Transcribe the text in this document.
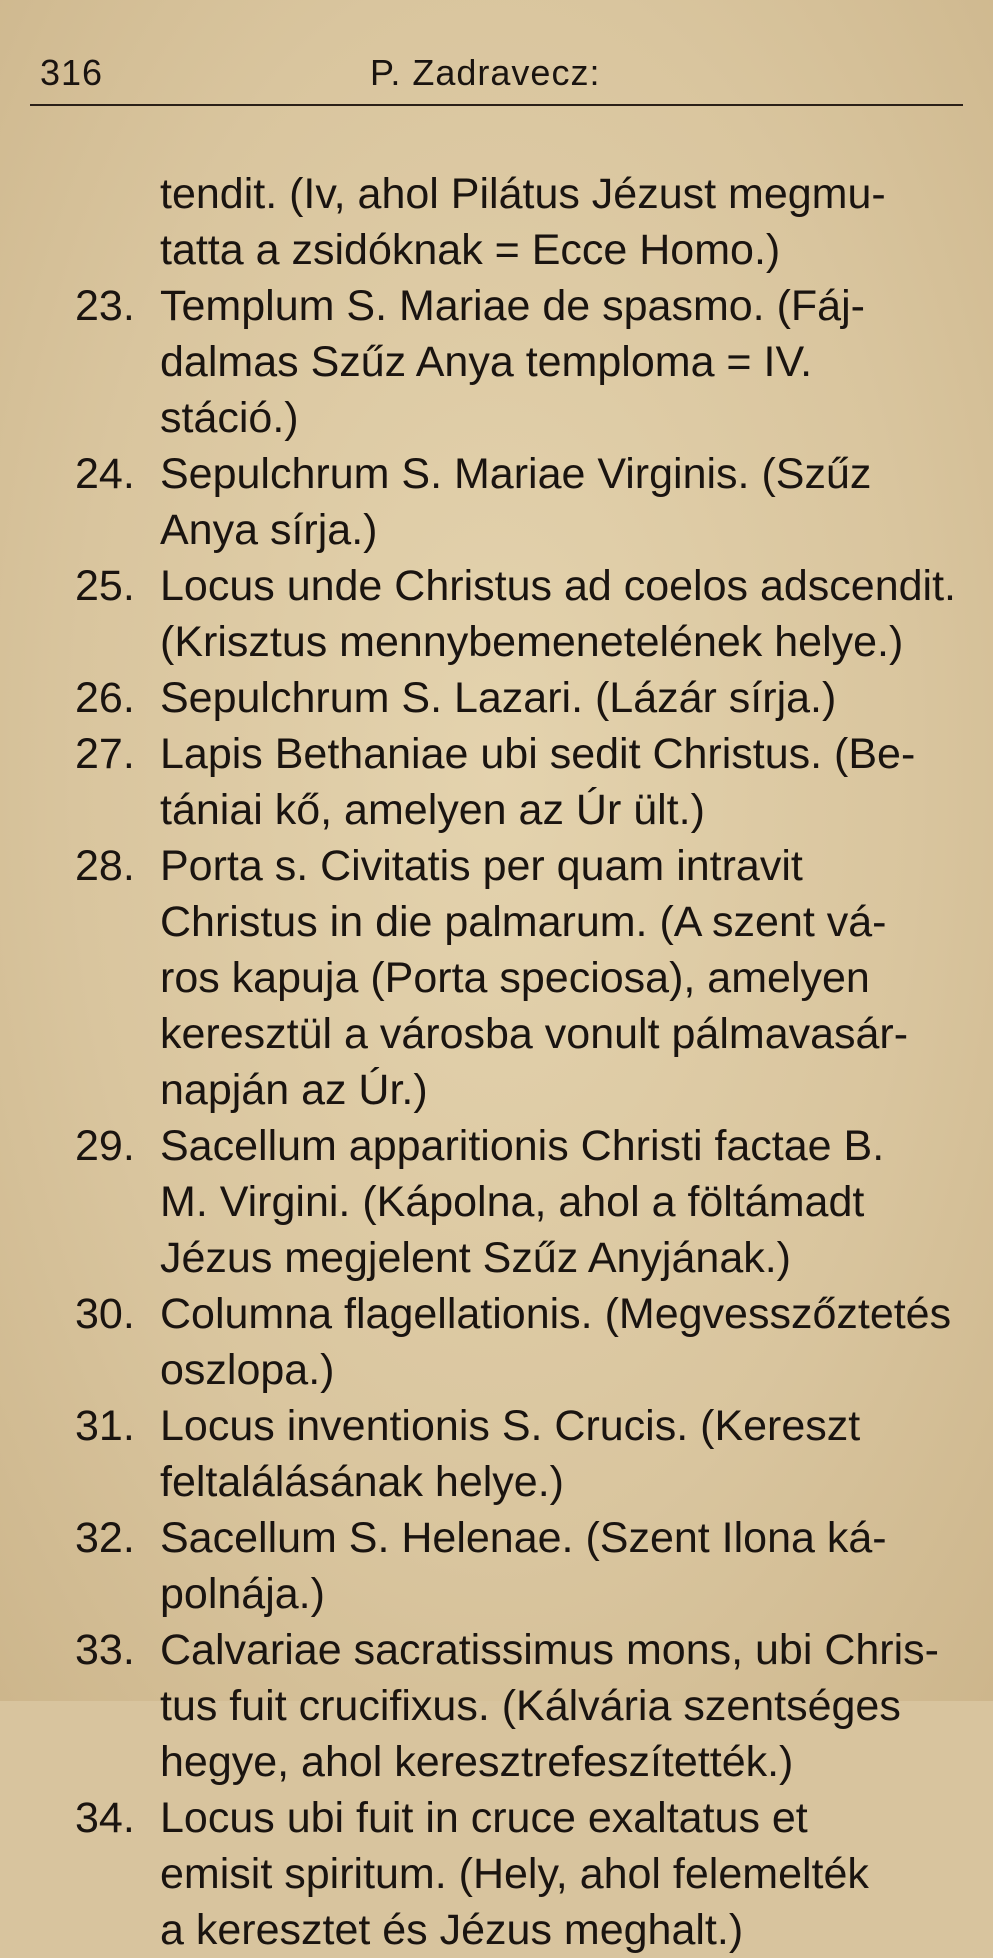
316	P. Zadravecz:
tendit. (Iv, ahol Pilátus Jézust megmu-
tatta a zsidóknak = Ecce Homo.)
23. Templum S. Mariae de spasmo. (Fáj-
dalmas Szűz Anya temploma = IV.
stáció.)
24. Sepulchrum S. Mariae Virginis. (Szűz
Anya sírja.)
25. Locus unde Christus ad coelos adscendit.
(Krisztus mennybemenetelének helye.)
26. Sepulchrum S. Lazari. (Lázár sírja.)
27. Lapis Bethaniae ubi sedit Christus. (Be-
tániai kő, amelyen az Úr ült.)
28. Porta s. Civitatis per quam intravit
Christus in die palmarum. (A szent vá-
ros kapuja (Porta speciosa), amelyen
keresztül a városba vonult pálmavasár-
napján az Úr.)
29. Sacellum apparitionis Christi factae B.
M. Virgini. (Kápolna, ahol a föltámadt
Jézus megjelent Szűz Anyjának.)
30. Columna flagellationis. (Megvesszőztetés
oszlopa.)
31. Locus inventionis S. Crucis. (Kereszt
feltalálásának helye.)
32. Sacellum S. Helenae. (Szent Ilona ká-
polnája.)
33. Calvariae sacratissimus mons, ubi Chris-
tus fuit crucifixus. (Kálvária szentséges
hegye, ahol keresztrefeszítették.)
34. Locus ubi fuit in cruce exaltatus et
emisit spiritum. (Hely, ahol felemelték
a keresztet és Jézus meghalt.)
